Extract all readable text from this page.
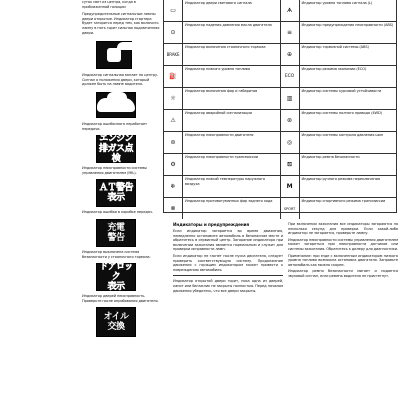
суток свет из центра, когда в приближенной позиции

Предупредительные сигнальные лампы двери открытые. Индикатор стартера будет загорится перед тем, как включить лампу в пять горит сильная подсвеченная двери.

Индикатор сигнальная мигает по центру. Сигнал о положения двери, который должен быть на лампе водителя.

Индикатор ошибочного неработает передачи.

エンジン
排ガス点検

Индикатор неисправности системы управления двигателем (MIL).

ＡＴ警告
表示

Индикатор ошибки в коробке передач.

充電
警告

Индикатор выключена система безопасности у стояночного тормоза.

ドアロック
表示

Индикатор дверей неисправность. Проверьте после опробования двигателя.

オイル
交換
▭
Индикатор двери светового сигнала
ᗗ
Индикатор уровня топлива сигнала (L)
⊙
Индикатор падения давления масла двигателя
≡
Индикатор предупреждения неисправности (ABS)
BRAKE
Индикатор включения стояночного тормоза
⊕
Индикатор тормозной системы (ABS)
⛽
Индикатор низкого уровня топлива
ECO
Индикатор режима экономии (ECO)
☼
Индикатор включения фар и габаритов
▥
Индикатор системы курсовой устойчивости
⚠
Индикатор аварийной сигнализации
⊛
Индикатор системы полного привода (4WD)
⊜
Индикатор неисправности двигателя
◎
Индикатор системы контроля давления шин
⚙
Индикатор неисправности трансмиссии
⛾
Индикатор ремня безопасности
❄
Индикатор низкой температуры наружного воздуха	M
Индикатор ручного режима переключения
⊗
Индикатор противотуманных фар заднего хода
SPORT
Индикатор спортивного режима трансмиссии

Индикаторы и предупреждения

Если индикатор загорается во время движения, немедленно остановите автомобиль в безопасном месте и обратитесь в сервисный центр. Загорание индикатора при включении зажигания является нормальным и служит для проверки исправности ламп.

Если индикатор не гаснет после пуска двигателя, следует проверить соответствующую систему. Продолжение движения с горящим индикатором может привести к повреждению автомобиля.

Индикатор открытой двери горит, пока одна из дверей, капот или багажник не закрыты полностью. Перед началом движения убедитесь, что все двери закрыты.

При включении зажигания все индикаторы загораются на несколько секунд для проверки. Если какой-либо индикатор не загорается, проверьте лампу.

Индикатор неисправности системы управления двигателем может загореться при неисправности датчиков или системы зажигания. Обратитесь к дилеру для диагностики.

Примечание: при езде с включенным индикатором низкого уровня топлива возможна остановка двигателя. Заправьте автомобиль как можно скорее.

Индикатор ремня безопасности мигает и подается звуковой сигнал, если ремень водителя не пристегнут.
